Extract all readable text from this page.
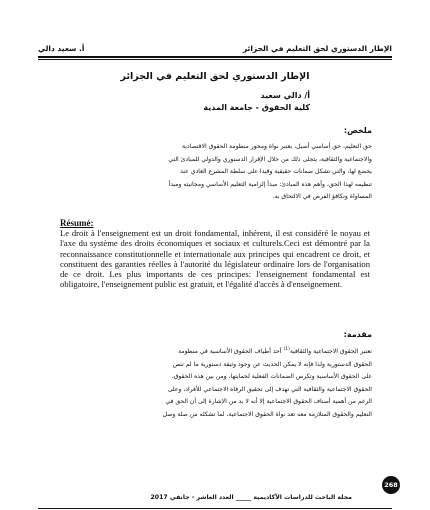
أ. سعيد دالي	الإطار الدستوري لحق التعليم في الجزائر
الإطار الدستوري لحق التعليم في الجزائر
أ/ دالي سعيد
كلية الحقوق - جامعة المدية
ملخص:
حق التعليم، حق أساسي أصيل، يعتبر نواة ومحور منظومة الحقوق الاقتصادية
والاجتماعية والثقافية، يتجلى ذلك من خلال الإقرار الدستوري والدولي للمبادئ التي
يخضع لها، والتي تشكل ضمانات حقيقية وقيدا على سلطة المشرع العادي عند
تنظيمه لهذا الحق، وأهم هذه المبادئ: مبدأ إلزامية التعليم الأساسي ومجانيته ومبدأ
المساواة وتكافؤ الفرص في الالتحاق به.
Résumé:
Le droit à l'enseignement est un droit fondamental, inhérent, il est considéré le noyau et l'axe du système des droits économiques et sociaux et culturels.Ceci est démontré par la reconnaissance constitutionnelle et internationale aux principes qui encadrent ce droit, et constituent des garanties réelles à l'autorité du législateur ordinaire lors de l'organisation de ce droit. Les plus importants de ces principes: l'enseignement fondamental est obligatoire, l'enseignement public est gratuit, et l'égalité d'accès à d'enseignement.
مقدمة:
تعتبر الحقوق الاجتماعية والثقافية$^{(1)}$ أحد أطياف الحقوق الأساسية في منظومة
الحقوق الدستورية ولذا فإنه لا يمكن الحديث عن وجود وثيقة دستورية ما لم تنص
على الحقوق الأساسية وتكرس الضمانات الفعلية لحمايتها، ومن بين هذه الحقوق،
الحقوق الاجتماعية والثقافية التي تهدف إلى تحقيق الرفاه الاجتماعي للأفراد، وعلى
الرغم من أهمية أصناف الحقوق الاجتماعية إلا أنه لا بد من الإشارة إلى أن الحق في
التعليم والحقوق المتلازمة معه تعد نواة الحقوق الاجتماعية، لما تشكله من صلة وصل
268
مجلة الباحث للدراسات الأكاديمية _____ العدد العاشر - جانفي 2017
